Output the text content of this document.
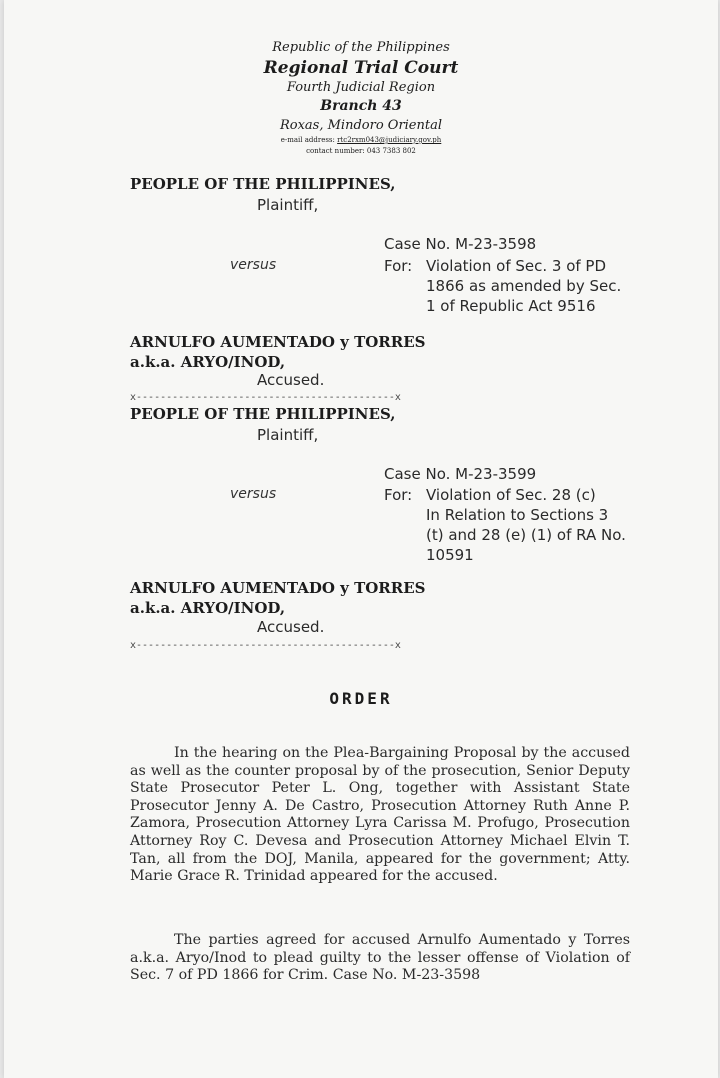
Republic of the Philippines
Regional Trial Court
Fourth Judicial Region
Branch 43
Roxas, Mindoro Oriental
e-mail address: rtc2rxm043@judiciary.gov.ph
contact number: 043 7383 802
PEOPLE OF THE PHILIPPINES,
Plaintiff,
Case No. M-23-3598
versus	For: Violation of Sec. 3 of PD
1866 as amended by Sec.
1 of Republic Act 9516
ARNULFO AUMENTADO y TORRES
a.k.a. ARYO/INOD,
Accused.
x-------------------------------------------x
PEOPLE OF THE PHILIPPINES,
Plaintiff,
Case No. M-23-3599
versus	For: Violation of Sec. 28 (c)
In Relation to Sections 3
(t) and 28 (e) (1) of RA No.
10591
ARNULFO AUMENTADO y TORRES
a.k.a. ARYO/INOD,
Accused.
x-------------------------------------------x
ORDER
In the hearing on the Plea-Bargaining Proposal by the accused as well as the counter proposal by of the prosecution, Senior Deputy State Prosecutor Peter L. Ong, together with Assistant State Prosecutor Jenny A. De Castro, Prosecution Attorney Ruth Anne P. Zamora, Prosecution Attorney Lyra Carissa M. Profugo, Prosecution Attorney Roy C. Devesa and Prosecution Attorney Michael Elvin T. Tan, all from the DOJ, Manila, appeared for the government; Atty. Marie Grace R. Trinidad appeared for the accused.
The parties agreed for accused Arnulfo Aumentado y Torres a.k.a. Aryo/Inod to plead guilty to the lesser offense of Violation of Sec. 7 of PD 1866 for Crim. Case No. M-23-3598
